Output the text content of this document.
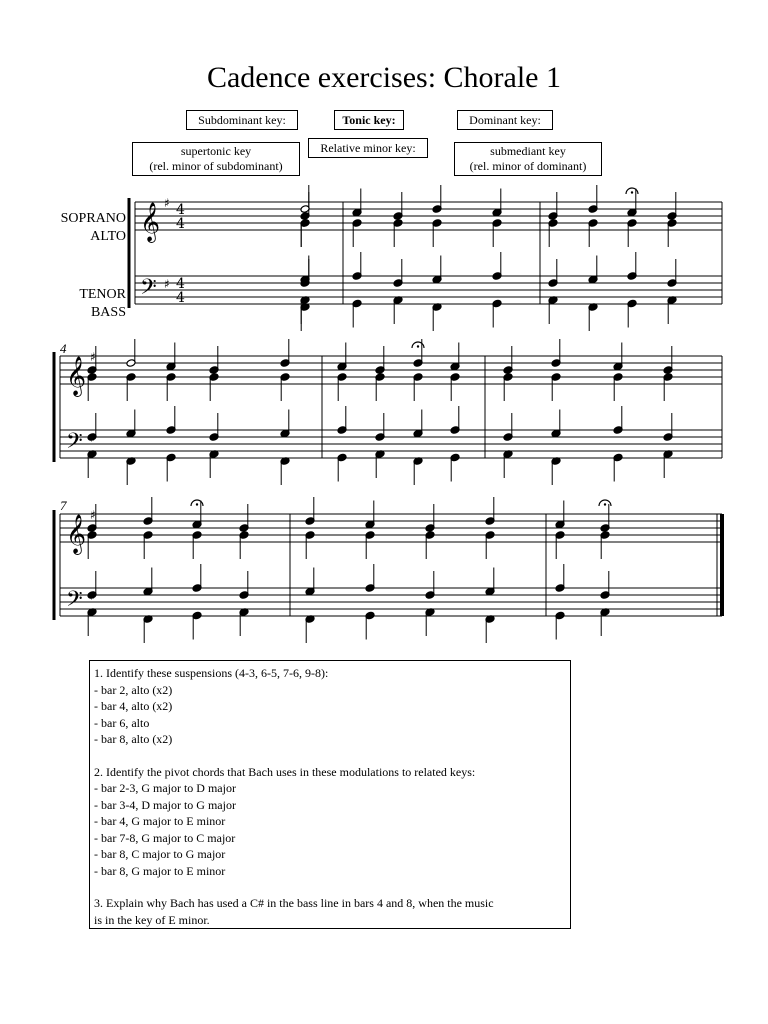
Cadence exercises: Chorale 1
Subdominant key:	Tonic key:	Dominant key:
supertonic key
(rel. minor of subdominant)
Relative minor key:	submediant key
(rel. minor of dominant)
SOPRANO
ALTO
TENOR
BASS
4
7
𝄞
𝄢
♯
♯
4
4
4
4
𝄞
𝄢
♯
𝄞
𝄢
♯
1. Identify these suspensions (4-3, 6-5, 7-6, 9-8):
- bar 2, alto (x2)
- bar 4, alto (x2)
- bar 6, alto
- bar 8, alto (x2)
2. Identify the pivot chords that Bach uses in these modulations to related keys:
- bar 2-3, G major to D major
- bar 3-4, D major to G major
- bar 4, G major to E minor
- bar 7-8, G major to C major
- bar 8, C major to G major
- bar 8, G major to E minor
3. Explain why Bach has used a C# in the bass line in bars 4 and 8, when the music
is in the key of E minor.
